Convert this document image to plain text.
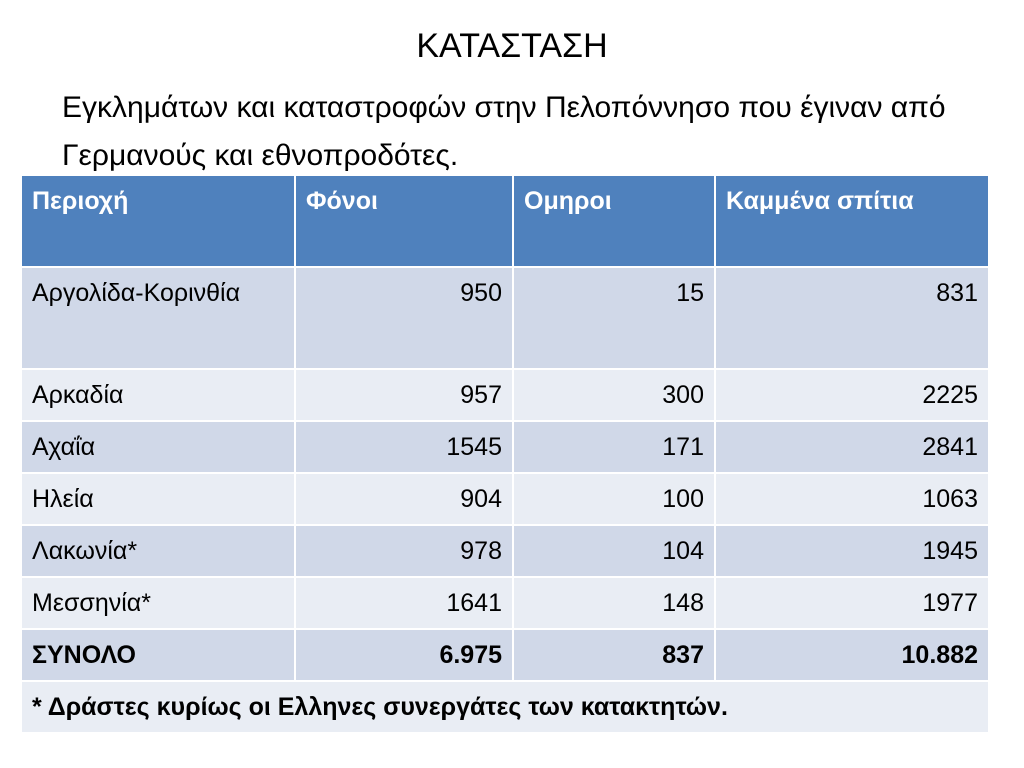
ΚΑΤΑΣΤΑΣΗ

Εγκλημάτων και καταστροφών στην Πελοπόννησο που έγιναν από Γερμανούς και εθνοπροδότες.

Περιοχή	Φόνοι	Ομηροι	Καμμένα σπίτια
Αργολίδα-Κορινθία	950	15	831
Αρκαδία	957	300	2225
Αχαΐα	1545	171	2841
Ηλεία	904	100	1063
Λακωνία*	978	104	1945
Μεσσηνία*	1641	148	1977
ΣΥΝΟΛΟ	6.975	837	10.882
* Δράστες κυρίως οι Ελληνες συνεργάτες των κατακτητών.			
